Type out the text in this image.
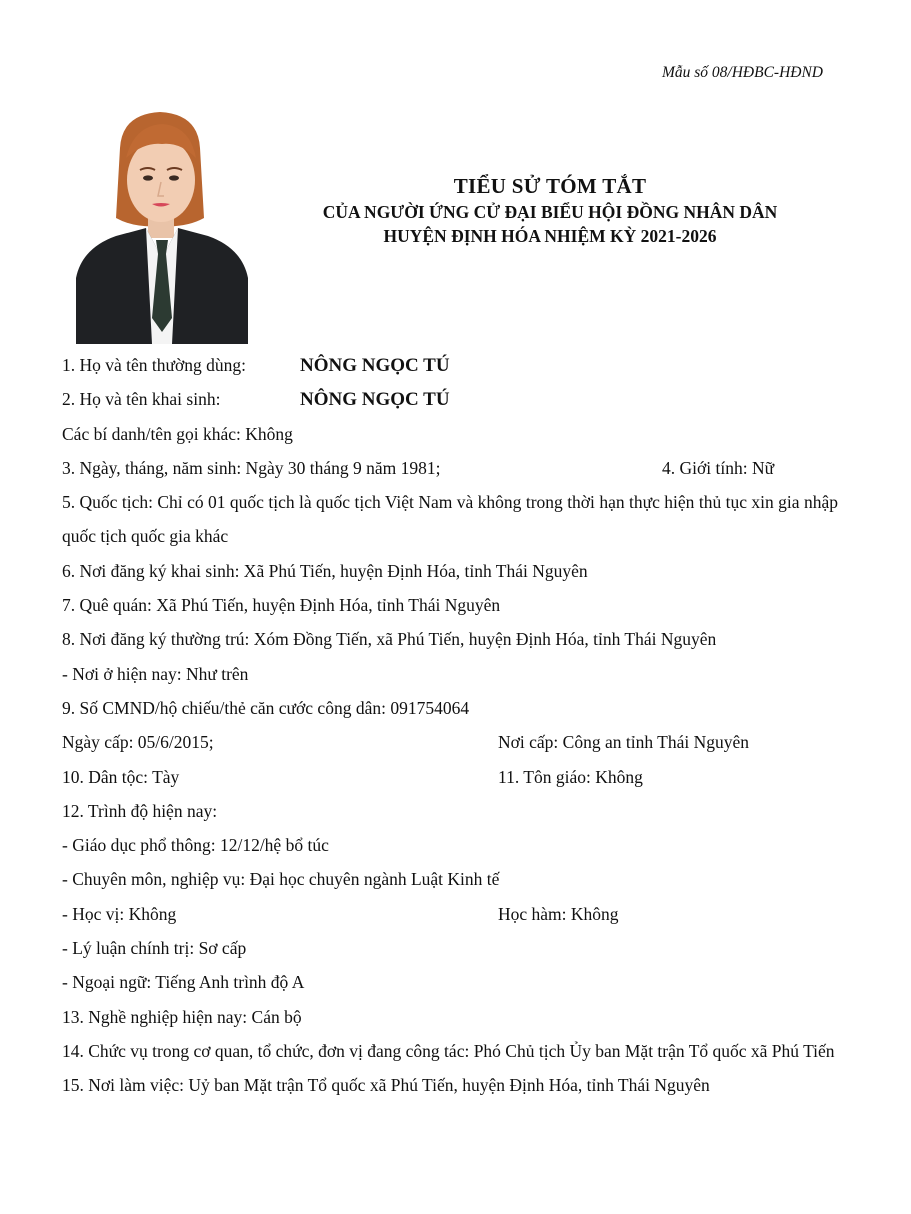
Mẫu số 08/HĐBC-HĐND
TIỂU SỬ TÓM TẮT
CỦA NGƯỜI ỨNG CỬ ĐẠI BIỂU HỘI ĐỒNG NHÂN DÂN
HUYỆN ĐỊNH HÓA NHIỆM KỲ 2021-2026
1. Họ và tên thường dùng:	NÔNG NGỌC TÚ
2. Họ và tên khai sinh:	NÔNG NGỌC TÚ
Các bí danh/tên gọi khác: Không
3. Ngày, tháng, năm sinh: Ngày 30 tháng 9 năm 1981;	4. Giới tính: Nữ
5. Quốc tịch: Chỉ có 01 quốc tịch là quốc tịch Việt Nam và không trong thời hạn thực hiện thủ tục xin gia nhập quốc tịch quốc gia khác
6. Nơi đăng ký khai sinh: Xã Phú Tiến, huyện Định Hóa, tỉnh Thái Nguyên
7. Quê quán: Xã Phú Tiến, huyện Định Hóa, tỉnh Thái Nguyên
8. Nơi đăng ký thường trú: Xóm Đồng Tiến, xã Phú Tiến, huyện Định Hóa, tỉnh Thái Nguyên
- Nơi ở hiện nay: Như trên
9. Số CMND/hộ chiếu/thẻ căn cước công dân: 091754064
Ngày cấp: 05/6/2015;	Nơi cấp: Công an tỉnh Thái Nguyên
10. Dân tộc: Tày	11. Tôn giáo: Không
12. Trình độ hiện nay:
- Giáo dục phổ thông: 12/12/hệ bổ túc
- Chuyên môn, nghiệp vụ: Đại học chuyên ngành Luật Kinh tế
- Học vị: Không	Học hàm: Không
- Lý luận chính trị: Sơ cấp
- Ngoại ngữ: Tiếng Anh trình độ A
13. Nghề nghiệp hiện nay: Cán bộ
14. Chức vụ trong cơ quan, tổ chức, đơn vị đang công tác: Phó Chủ tịch Ủy ban Mặt trận Tổ quốc xã Phú Tiến
15. Nơi làm việc: Uỷ ban Mặt trận Tổ quốc xã Phú Tiến, huyện Định Hóa, tỉnh Thái Nguyên
